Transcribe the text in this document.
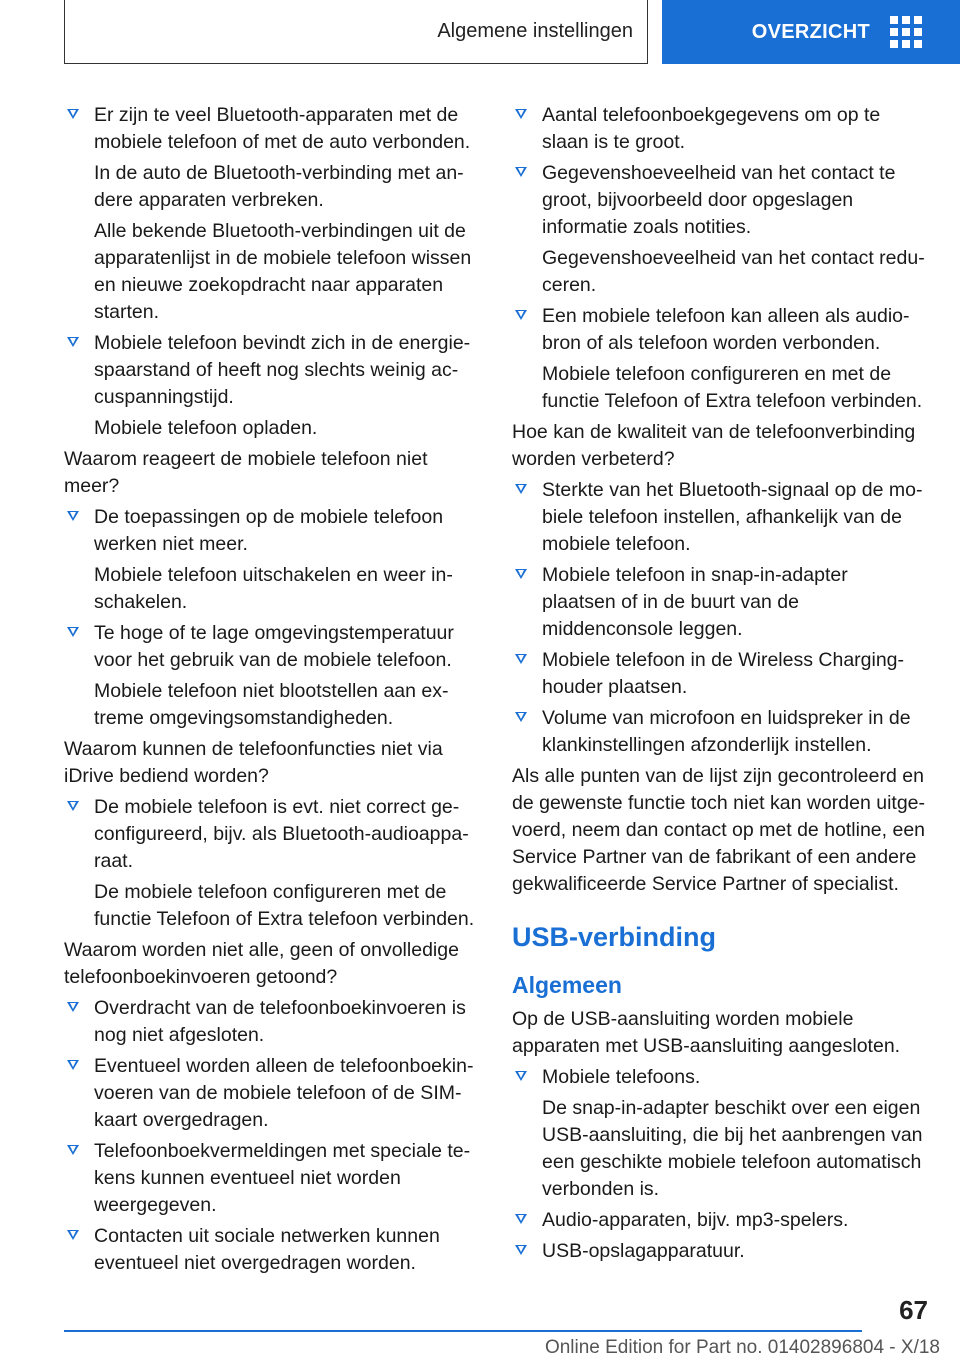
Algemene instellingen	OVERZICHT

Er zijn te veel Bluetooth-apparaten met de mobiele telefoon of met de auto verbonden.

In de auto de Bluetooth-verbinding met andere apparaten verbreken.

Alle bekende Bluetooth-verbindingen uit de apparatenlijst in de mobiele telefoon wissen en nieuwe zoekopdracht naar apparaten starten.

Mobiele telefoon bevindt zich in de energiespaarstand of heeft nog slechts weinig accuspanningstijd.

Mobiele telefoon opladen.

Waarom reageert de mobiele telefoon niet meer?

De toepassingen op de mobiele telefoon werken niet meer.

Mobiele telefoon uitschakelen en weer inschakelen.

Te hoge of te lage omgevingstemperatuur voor het gebruik van de mobiele telefoon.

Mobiele telefoon niet blootstellen aan extreme omgevingsomstandigheden.

Waarom kunnen de telefoonfuncties niet via iDrive bediend worden?

De mobiele telefoon is evt. niet correct geconfigureerd, bijv. als Bluetooth-audioapparaat.

De mobiele telefoon configureren met de functie Telefoon of Extra telefoon verbinden.

Waarom worden niet alle, geen of onvolledige telefoonboekinvoeren getoond?

Overdracht van de telefoonboekinvoeren is nog niet afgesloten.

Eventueel worden alleen de telefoonboekinvoeren van de mobiele telefoon of de SIM-kaart overgedragen.

Telefoonboekvermeldingen met speciale tekens kunnen eventueel niet worden weergegeven.

Contacten uit sociale netwerken kunnen eventueel niet overgedragen worden.

Aantal telefoonboekgegevens om op te slaan is te groot.

Gegevenshoeveelheid van het contact te groot, bijvoorbeeld door opgeslagen informatie zoals notities.

Gegevenshoeveelheid van het contact reduceren.

Een mobiele telefoon kan alleen als audiobron of als telefoon worden verbonden.

Mobiele telefoon configureren en met de functie Telefoon of Extra telefoon verbinden.

Hoe kan de kwaliteit van de telefoonverbinding worden verbeterd?

Sterkte van het Bluetooth-signaal op de mobiele telefoon instellen, afhankelijk van de mobiele telefoon.

Mobiele telefoon in snap-in-adapter plaatsen of in de buurt van de middenconsole leggen.

Mobiele telefoon in de Wireless Charging-houder plaatsen.

Volume van microfoon en luidspreker in de klankinstellingen afzonderlijk instellen.

Als alle punten van de lijst zijn gecontroleerd en de gewenste functie toch niet kan worden uitgevoerd, neem dan contact op met de hotline, een Service Partner van de fabrikant of een andere gekwalificeerde Service Partner of specialist.

USB-verbinding
Algemeen

Op de USB-aansluiting worden mobiele apparaten met USB-aansluiting aangesloten.

Mobiele telefoons.

De snap-in-adapter beschikt over een eigen USB-aansluiting, die bij het aanbrengen van een geschikte mobiele telefoon automatisch verbonden is.

Audio-apparaten, bijv. mp3-spelers.

USB-opslagapparatuur.

67
Online Edition for Part no. 01402896804 - X/18
